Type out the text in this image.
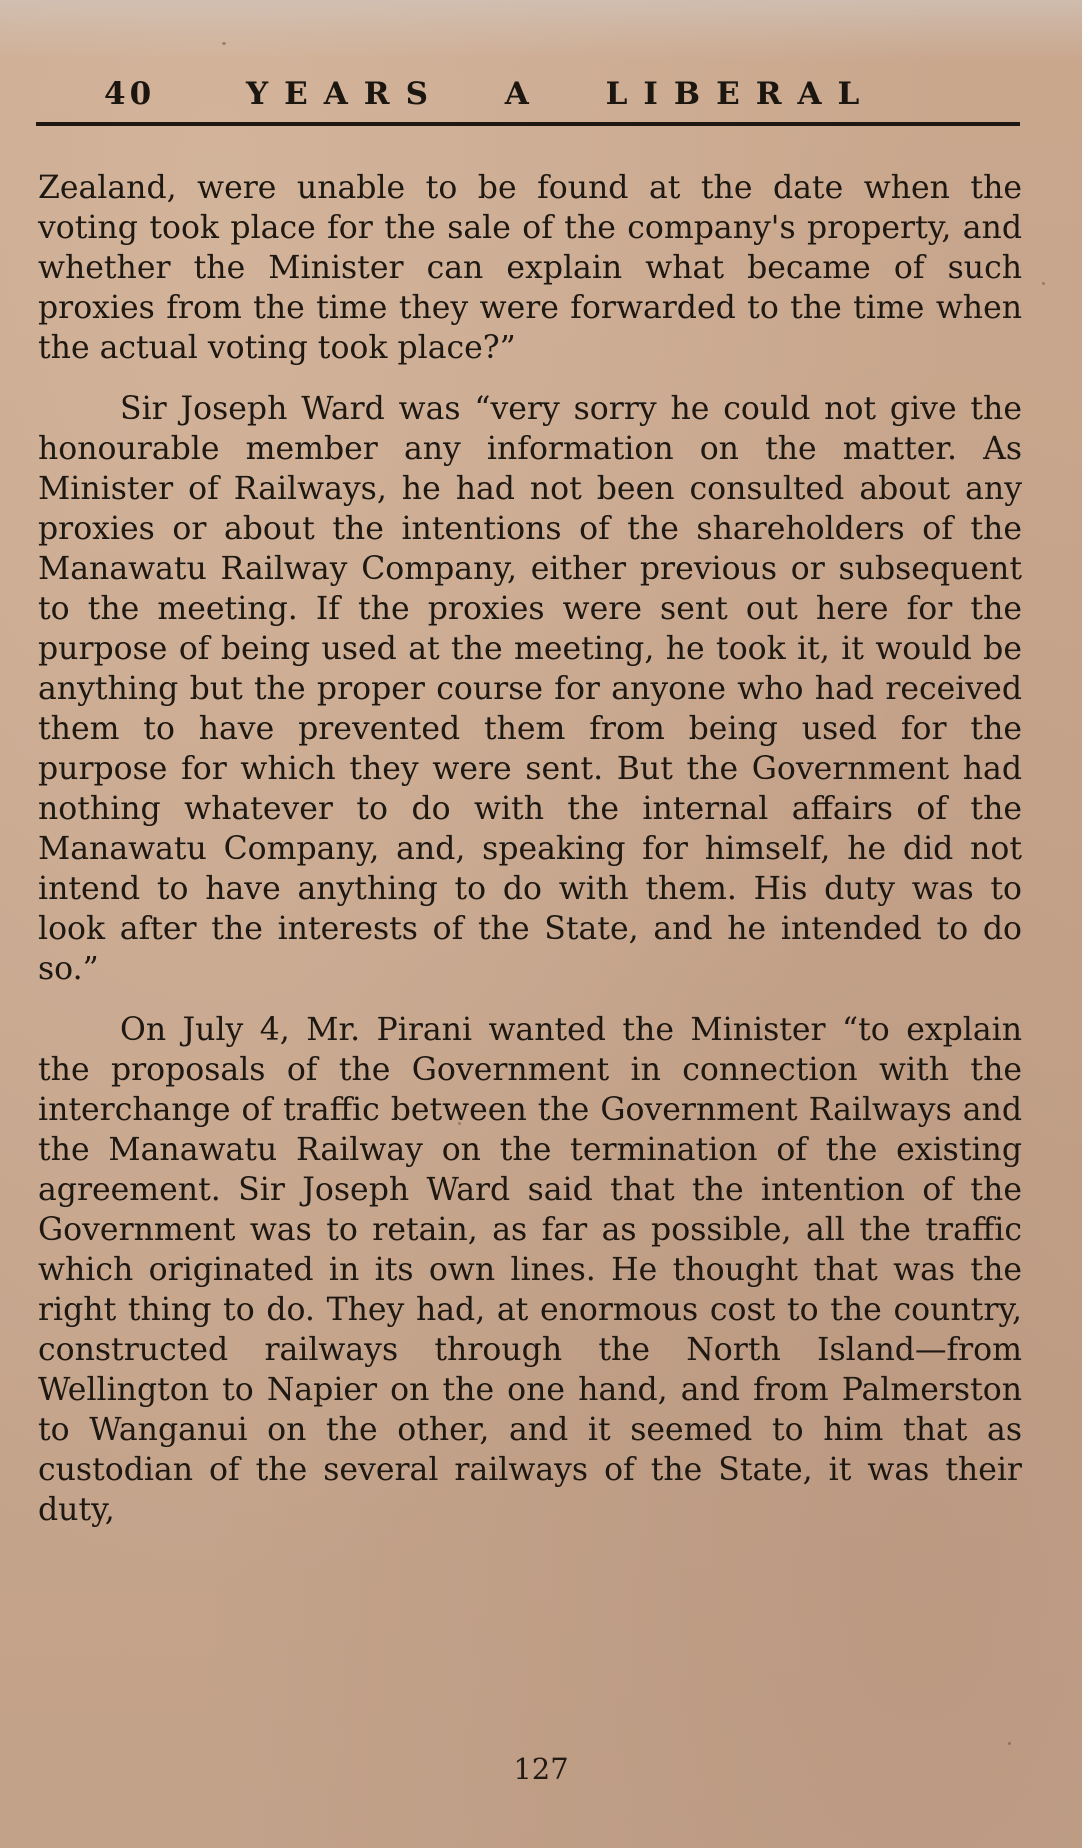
40	YEARS A LIBERAL

Zealand, were unable to be found at the date when the voting took place for the sale of the company's property, and whether the Minister can explain what became of such proxies from the time they were forwarded to the time when the actual voting took place?”

Sir Joseph Ward was “very sorry he could not give the honourable member any information on the matter. As Minister of Railways, he had not been consulted about any proxies or about the intentions of the shareholders of the Manawatu Railway Company, either previous or subsequent to the meeting. If the proxies were sent out here for the purpose of being used at the meeting, he took it, it would be anything but the proper course for anyone who had received them to have prevented them from being used for the purpose for which they were sent. But the Government had nothing whatever to do with the internal affairs of the Manawatu Company, and, speaking for himself, he did not intend to have anything to do with them. His duty was to look after the interests of the State, and he intended to do so.”

On July 4, Mr. Pirani wanted the Minister “to explain the proposals of the Government in connection with the interchange of traffic between the Government Railways and the Manawatu Railway on the termination of the existing agreement. Sir Joseph Ward said that the intention of the Government was to retain, as far as possible, all the traffic which originated in its own lines. He thought that was the right thing to do. They had, at enormous cost to the country, constructed railways through the North Island—from Wellington to Napier on the one hand, and from Palmerston to Wanganui on the other, and it seemed to him that as custodian of the several railways of the State, it was their duty,

127
